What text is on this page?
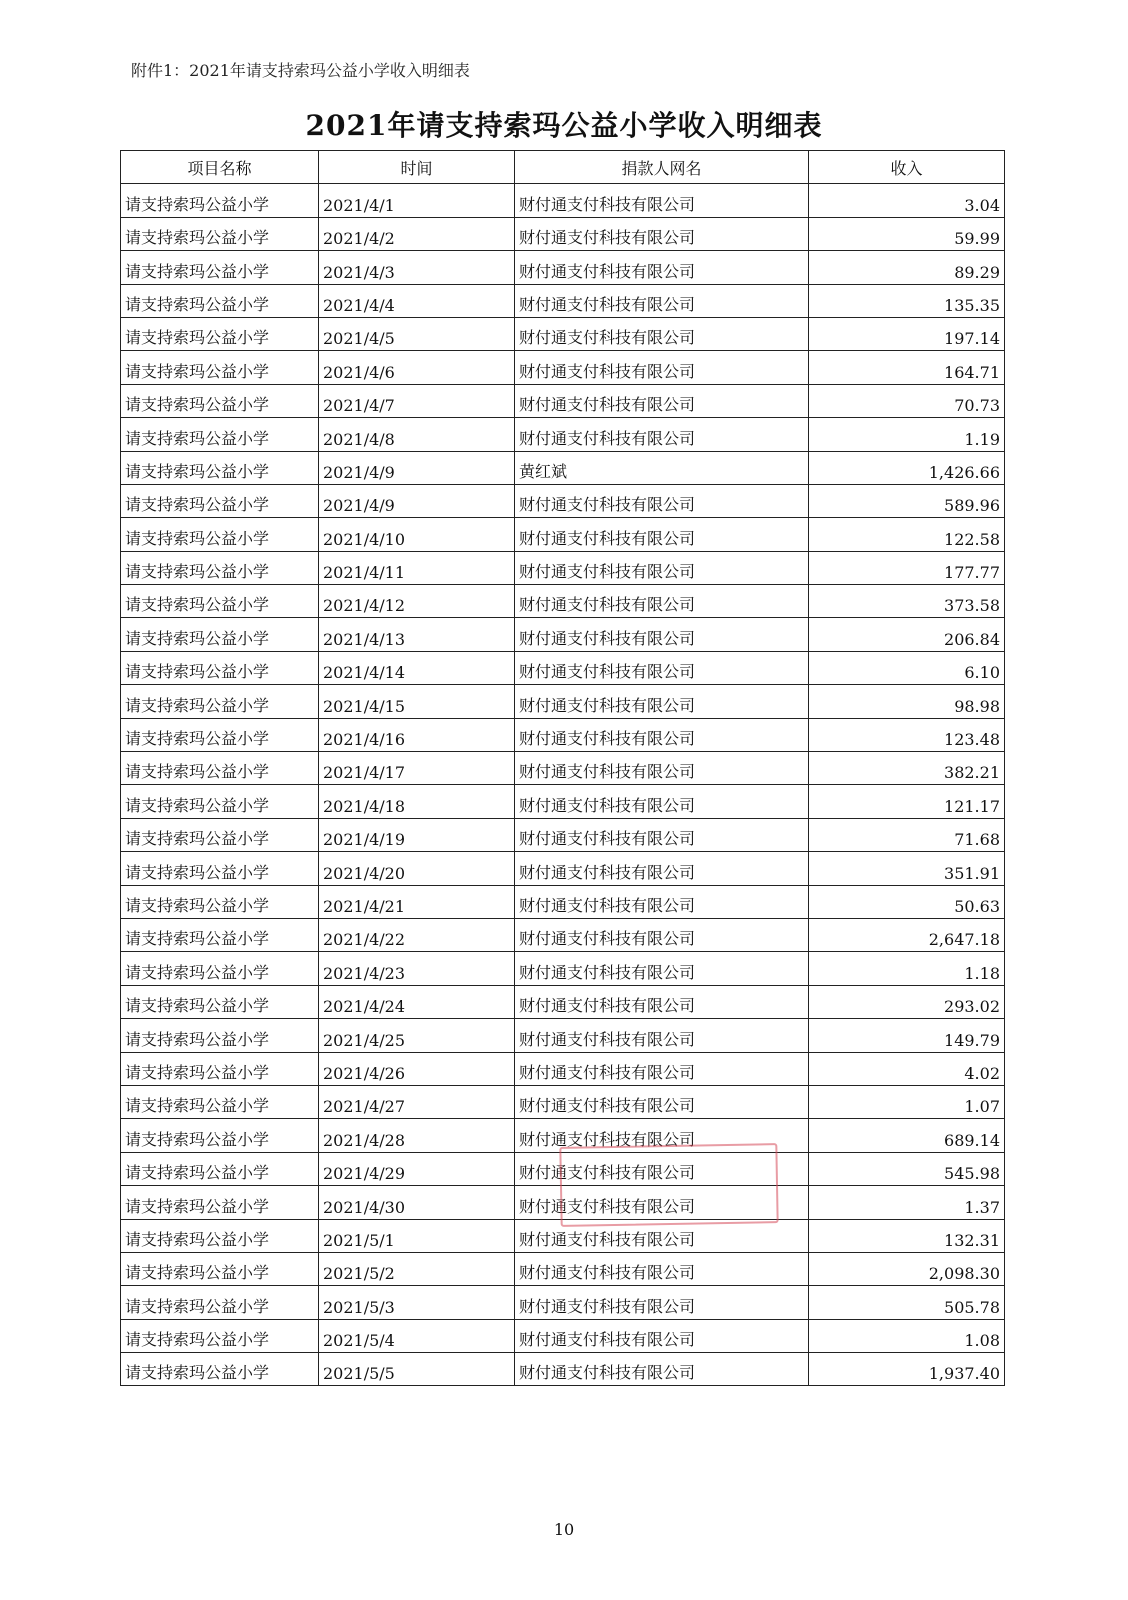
附件1：2021年请支持索玛公益小学收入明细表
2021年请支持索玛公益小学收入明细表
项目名称	时间	捐款人网名	收入
请支持索玛公益小学	2021/4/1	财付通支付科技有限公司	3.04
请支持索玛公益小学	2021/4/2	财付通支付科技有限公司	59.99
请支持索玛公益小学	2021/4/3	财付通支付科技有限公司	89.29
请支持索玛公益小学	2021/4/4	财付通支付科技有限公司	135.35
请支持索玛公益小学	2021/4/5	财付通支付科技有限公司	197.14
请支持索玛公益小学	2021/4/6	财付通支付科技有限公司	164.71
请支持索玛公益小学	2021/4/7	财付通支付科技有限公司	70.73
请支持索玛公益小学	2021/4/8	财付通支付科技有限公司	1.19
请支持索玛公益小学	2021/4/9	黄红斌	1,426.66
请支持索玛公益小学	2021/4/9	财付通支付科技有限公司	589.96
请支持索玛公益小学	2021/4/10	财付通支付科技有限公司	122.58
请支持索玛公益小学	2021/4/11	财付通支付科技有限公司	177.77
请支持索玛公益小学	2021/4/12	财付通支付科技有限公司	373.58
请支持索玛公益小学	2021/4/13	财付通支付科技有限公司	206.84
请支持索玛公益小学	2021/4/14	财付通支付科技有限公司	6.10
请支持索玛公益小学	2021/4/15	财付通支付科技有限公司	98.98
请支持索玛公益小学	2021/4/16	财付通支付科技有限公司	123.48
请支持索玛公益小学	2021/4/17	财付通支付科技有限公司	382.21
请支持索玛公益小学	2021/4/18	财付通支付科技有限公司	121.17
请支持索玛公益小学	2021/4/19	财付通支付科技有限公司	71.68
请支持索玛公益小学	2021/4/20	财付通支付科技有限公司	351.91
请支持索玛公益小学	2021/4/21	财付通支付科技有限公司	50.63
请支持索玛公益小学	2021/4/22	财付通支付科技有限公司	2,647.18
请支持索玛公益小学	2021/4/23	财付通支付科技有限公司	1.18
请支持索玛公益小学	2021/4/24	财付通支付科技有限公司	293.02
请支持索玛公益小学	2021/4/25	财付通支付科技有限公司	149.79
请支持索玛公益小学	2021/4/26	财付通支付科技有限公司	4.02
请支持索玛公益小学	2021/4/27	财付通支付科技有限公司	1.07
请支持索玛公益小学	2021/4/28	财付通支付科技有限公司	689.14
请支持索玛公益小学	2021/4/29	财付通支付科技有限公司	545.98
请支持索玛公益小学	2021/4/30	财付通支付科技有限公司	1.37
请支持索玛公益小学	2021/5/1	财付通支付科技有限公司	132.31
请支持索玛公益小学	2021/5/2	财付通支付科技有限公司	2,098.30
请支持索玛公益小学	2021/5/3	财付通支付科技有限公司	505.78
请支持索玛公益小学	2021/5/4	财付通支付科技有限公司	1.08
请支持索玛公益小学	2021/5/5	财付通支付科技有限公司	1,937.40
10
